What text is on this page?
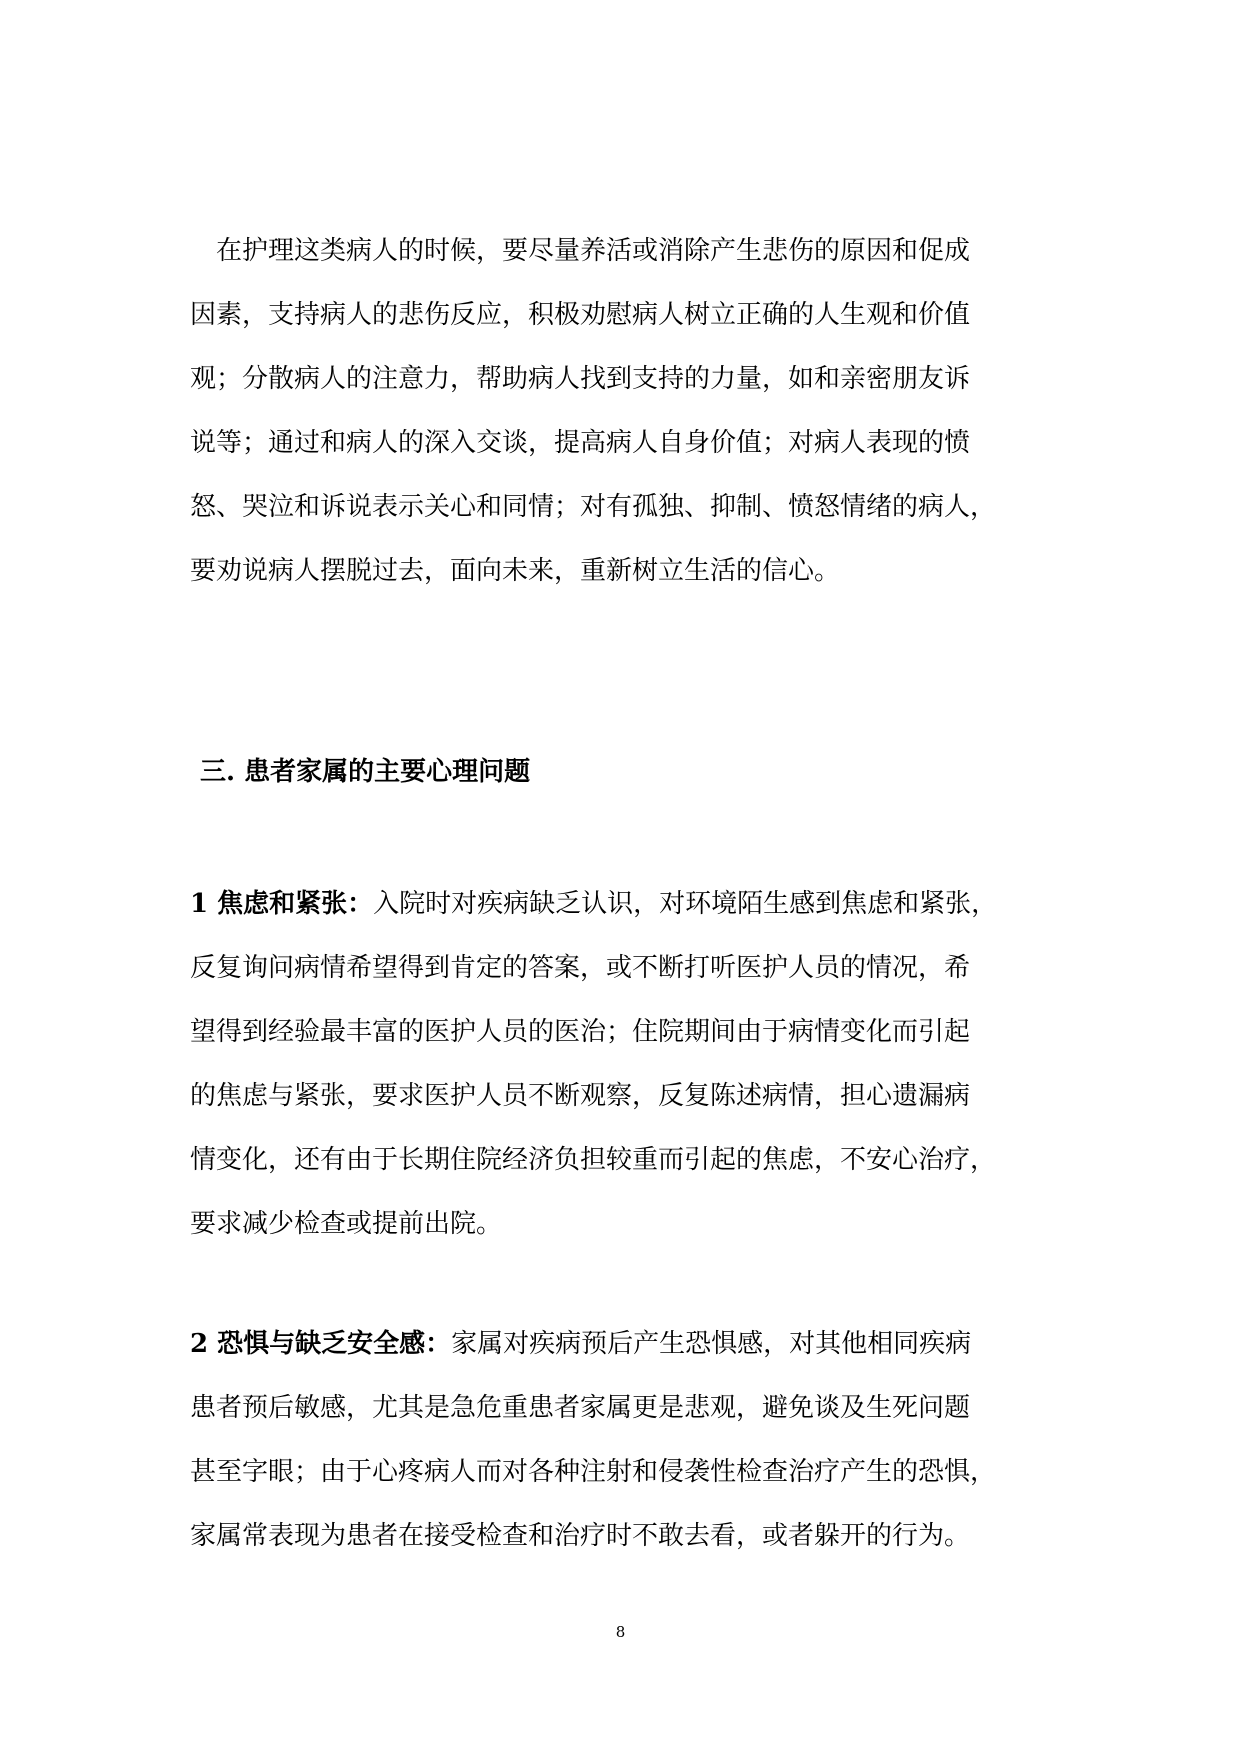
在护理这类病人的时候，要尽量养活或消除产生悲伤的原因和促成
因素，支持病人的悲伤反应，积极劝慰病人树立正确的人生观和价值
观；分散病人的注意力，帮助病人找到支持的力量，如和亲密朋友诉
说等；通过和病人的深入交谈，提高病人自身价值；对病人表现的愤
怒、哭泣和诉说表示关心和同情；对有孤独、抑制、愤怒情绪的病人，
要劝说病人摆脱过去，面向未来，重新树立生活的信心。
三. 患者家属的主要心理问题
1 焦虑和紧张：入院时对疾病缺乏认识，对环境陌生感到焦虑和紧张，
反复询问病情希望得到肯定的答案，或不断打听医护人员的情况，希
望得到经验最丰富的医护人员的医治；住院期间由于病情变化而引起
的焦虑与紧张，要求医护人员不断观察，反复陈述病情，担心遗漏病
情变化，还有由于长期住院经济负担较重而引起的焦虑，不安心治疗，
要求减少检查或提前出院。
2 恐惧与缺乏安全感：家属对疾病预后产生恐惧感，对其他相同疾病
患者预后敏感，尤其是急危重患者家属更是悲观，避免谈及生死问题
甚至字眼；由于心疼病人而对各种注射和侵袭性检查治疗产生的恐惧，
家属常表现为患者在接受检查和治疗时不敢去看，或者躲开的行为。
8
